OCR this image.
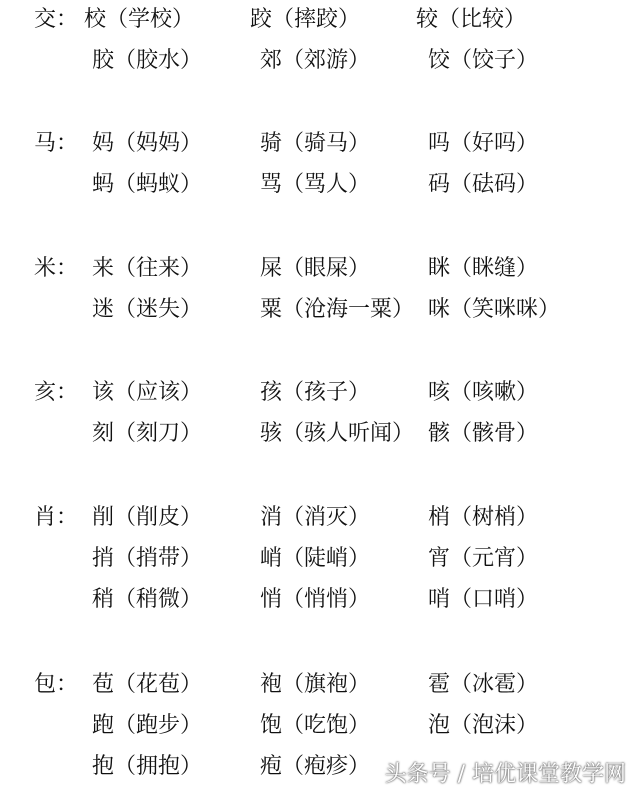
交： 校（学校）	跤（摔跤）	较（比较）
胶（胶水）	郊（郊游）	饺（饺子）
马： 妈（妈妈）	骑（骑马）	吗（好吗）
蚂（蚂蚁）	骂（骂人）	码（砝码）
米： 来（往来）	屎（眼屎）	眯（眯缝）
迷（迷失）	粟（沧海一粟） 咪（笑咪咪）
亥： 该（应该）	孩（孩子）	咳（咳嗽）
刻（刻刀）	骇（骇人听闻） 骸（骸骨）
肖： 削（削皮）	消（消灭）	梢（树梢）
捎（捎带）	峭（陡峭）	宵（元宵）
稍（稍微）	悄（悄悄）	哨（口哨）
包： 苞（花苞）	袍（旗袍）	雹（冰雹）
跑（跑步）	饱（吃饱）	泡（泡沫）
抱（拥抱）	疱（疱疹） 头条号 / 培优课堂教学网
